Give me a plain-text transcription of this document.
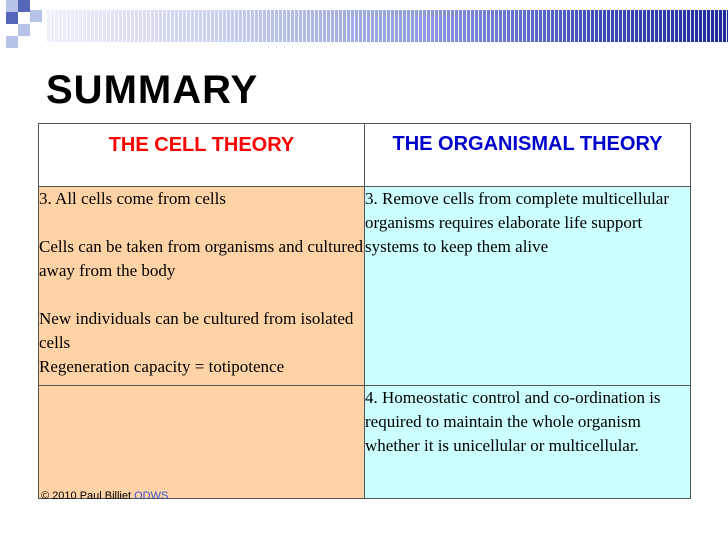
SUMMARY
THE CELL THEORY	THE ORGANISMAL THEORY

3. All cells come from cells

Cells can be taken from organisms and cultured away from the body

New individuals can be cultured from isolated cells

Regeneration capacity = totipotence	3. Remove cells from complete multicellular organisms requires elaborate life support systems to keep them alive

© 2010 Paul Billiet ODWS	4. Homeostatic control and co-ordination is required to maintain the whole organism whether it is unicellular or multicellular.
